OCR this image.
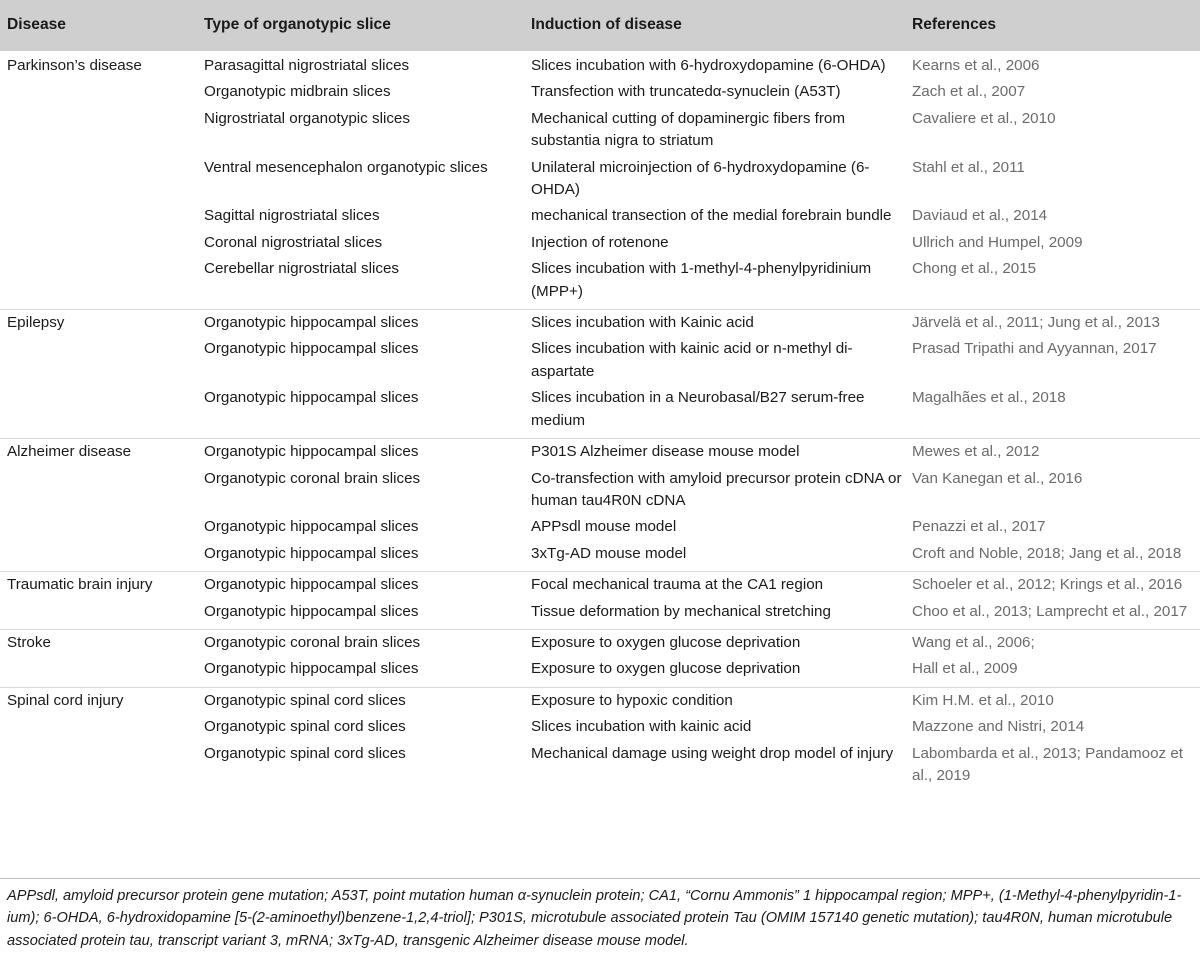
Disease	Type of organotypic slice	Induction of disease	References
Parkinson’s disease	Parasagittal nigrostriatal slices	Slices incubation with 6-hydroxydopamine (6-OHDA)	Kearns et al., 2006
	Organotypic midbrain slices	Transfection with truncatedα-synuclein (A53T)	Zach et al., 2007
	Nigrostriatal organotypic slices	Mechanical cutting of dopaminergic fibers from substantia nigra to striatum	Cavaliere et al., 2010
	Ventral mesencephalon organotypic slices	Unilateral microinjection of 6-hydroxydopamine (6-OHDA)	Stahl et al., 2011
	Sagittal nigrostriatal slices	mechanical transection of the medial forebrain bundle	Daviaud et al., 2014
	Coronal nigrostriatal slices	Injection of rotenone	Ullrich and Humpel, 2009
	Cerebellar nigrostriatal slices	Slices incubation with 1-methyl-4-phenylpyridinium (MPP+)	Chong et al., 2015
Epilepsy	Organotypic hippocampal slices	Slices incubation with Kainic acid	Järvelä et al., 2011; Jung et al., 2013
	Organotypic hippocampal slices	Slices incubation with kainic acid or n-methyl di-aspartate	Prasad Tripathi and Ayyannan, 2017
	Organotypic hippocampal slices	Slices incubation in a Neurobasal/B27 serum-free medium	Magalhães et al., 2018
Alzheimer disease	Organotypic hippocampal slices	P301S Alzheimer disease mouse model	Mewes et al., 2012
	Organotypic coronal brain slices	Co-transfection with amyloid precursor protein cDNA or human tau4R0N cDNA	Van Kanegan et al., 2016
	Organotypic hippocampal slices	APPsdl mouse model	Penazzi et al., 2017
	Organotypic hippocampal slices	3xTg-AD mouse model	Croft and Noble, 2018; Jang et al., 2018
Traumatic brain injury	Organotypic hippocampal slices	Focal mechanical trauma at the CA1 region	Schoeler et al., 2012; Krings et al., 2016
	Organotypic hippocampal slices	Tissue deformation by mechanical stretching	Choo et al., 2013; Lamprecht et al., 2017
Stroke	Organotypic coronal brain slices	Exposure to oxygen glucose deprivation	Wang et al., 2006;
	Organotypic hippocampal slices	Exposure to oxygen glucose deprivation	Hall et al., 2009
Spinal cord injury	Organotypic spinal cord slices	Exposure to hypoxic condition	Kim H.M. et al., 2010
	Organotypic spinal cord slices	Slices incubation with kainic acid	Mazzone and Nistri, 2014
	Organotypic spinal cord slices	Mechanical damage using weight drop model of injury	Labombarda et al., 2013; Pandamooz et al., 2019

APPsdl, amyloid precursor protein gene mutation; A53T, point mutation human α-synuclein protein; CA1, “Cornu Ammonis” 1 hippocampal region; MPP+, (1-Methyl-4-phenylpyridin-1-ium); 6-OHDA, 6-hydroxidopamine [5-(2-aminoethyl)benzene-1,2,4-triol]; P301S, microtubule associated protein Tau (OMIM 157140 genetic mutation); tau4R0N, human microtubule associated protein tau, transcript variant 3, mRNA; 3xTg-AD, transgenic Alzheimer disease mouse model.
